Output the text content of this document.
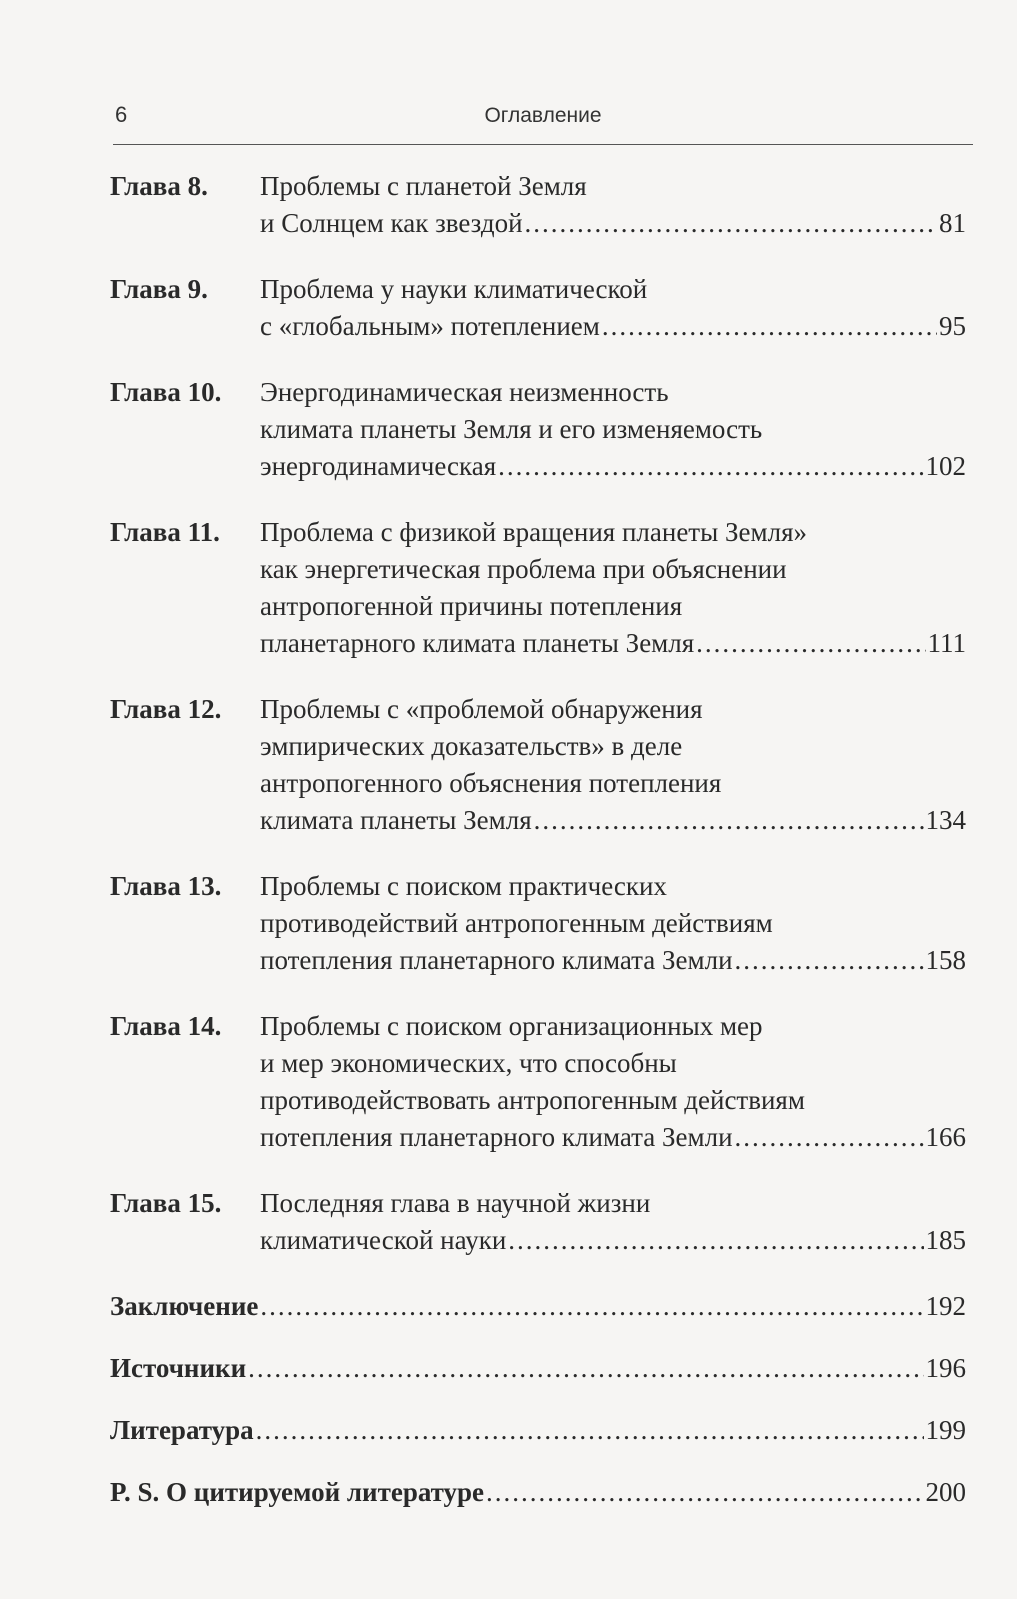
6	Оглавление
Глава 8.	Проблемы с планетой Земля
и Солнцем как звездой .....	81
Глава 9.	Проблема у науки климатической
с «глобальным» потеплением .....	95
Глава 10.	Энергодинамическая неизменность
климата планеты Земля и его изменяемость
энергодинамическая .....	102
Глава 11.	Проблема с физикой вращения планеты Земля»
как энергетическая проблема при объяснении
антропогенной причины потепления
планетарного климата планеты Земля .....	111
Глава 12.	Проблемы с «проблемой обнаружения
эмпирических доказательств» в деле
антропогенного объяснения потепления
климата планеты Земля .....	134
Глава 13.	Проблемы с поиском практических
противодействий антропогенным действиям
потепления планетарного климата Земли .....	158
Глава 14.	Проблемы с поиском организационных мер
и мер экономических, что способны
противодействовать антропогенным действиям
потепления планетарного климата Земли .....	166
Глава 15.	Последняя глава в научной жизни
климатической науки .....	185
Заключение .....	192
Источники .....	196
Литература .....	199
P. S. О цитируемой литературе .....	200
